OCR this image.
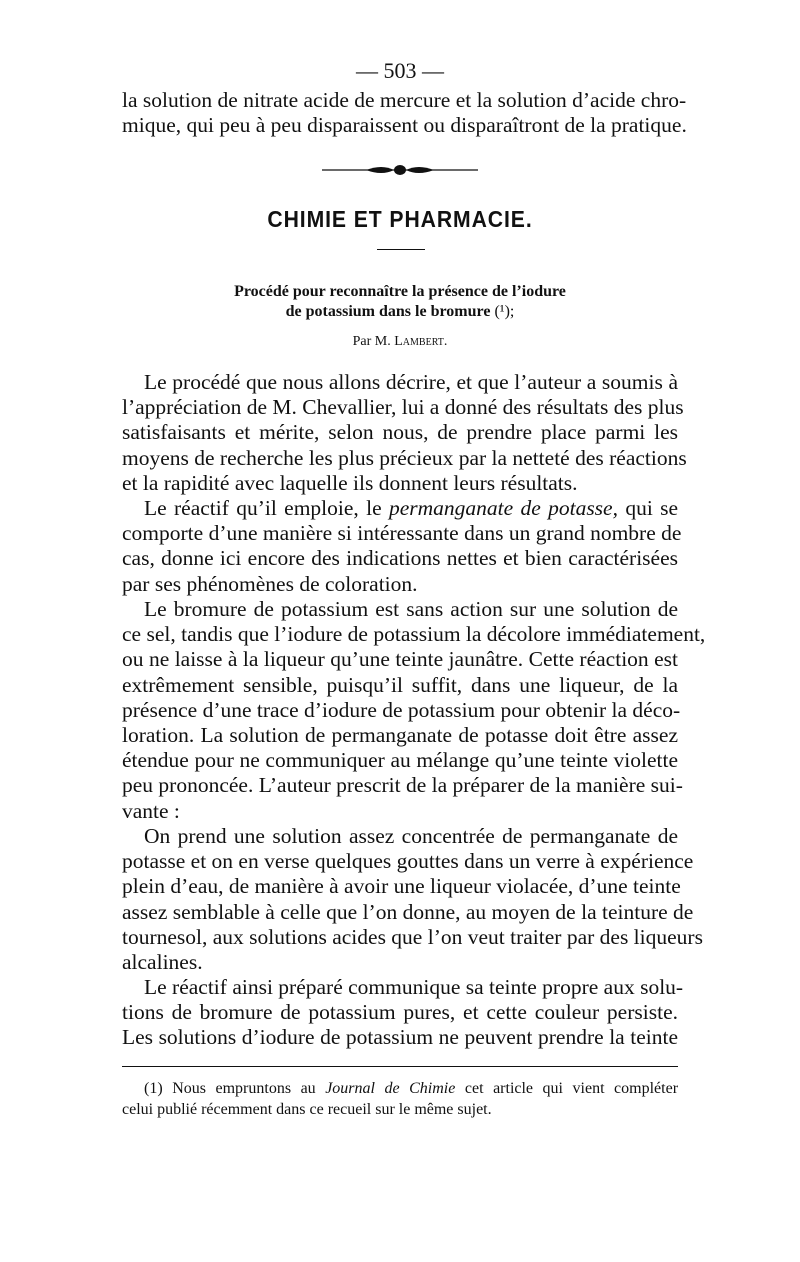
— 503 —
la solution de nitrate acide de mercure et la solution d’acide chro-
mique, qui peu à peu disparaissent ou disparaîtront de la pratique.
CHIMIE ET PHARMACIE.
Procédé pour reconnaître la présence de l’iodure
de potassium dans le bromure (¹);
Par M. Lambert.
Le procédé que nous allons décrire, et que l’auteur a soumis à
l’appréciation de M. Chevallier, lui a donné des résultats des plus
satisfaisants et mérite, selon nous, de prendre place parmi les
moyens de recherche les plus précieux par la netteté des réactions
et la rapidité avec laquelle ils donnent leurs résultats.
Le réactif qu’il emploie, le permanganate de potasse, qui se
comporte d’une manière si intéressante dans un grand nombre de
cas, donne ici encore des indications nettes et bien caractérisées
par ses phénomènes de coloration.
Le bromure de potassium est sans action sur une solution de
ce sel, tandis que l’iodure de potassium la décolore immédiatement,
ou ne laisse à la liqueur qu’une teinte jaunâtre. Cette réaction est
extrêmement sensible, puisqu’il suffit, dans une liqueur, de la
présence d’une trace d’iodure de potassium pour obtenir la déco-
loration. La solution de permanganate de potasse doit être assez
étendue pour ne communiquer au mélange qu’une teinte violette
peu prononcée. L’auteur prescrit de la préparer de la manière sui-
vante :
On prend une solution assez concentrée de permanganate de
potasse et on en verse quelques gouttes dans un verre à expérience
plein d’eau, de manière à avoir une liqueur violacée, d’une teinte
assez semblable à celle que l’on donne, au moyen de la teinture de
tournesol, aux solutions acides que l’on veut traiter par des liqueurs
alcalines.
Le réactif ainsi préparé communique sa teinte propre aux solu-
tions de bromure de potassium pures, et cette couleur persiste.
Les solutions d’iodure de potassium ne peuvent prendre la teinte
(1) Nous empruntons au Journal de Chimie cet article qui vient compléter
celui publié récemment dans ce recueil sur le même sujet.
